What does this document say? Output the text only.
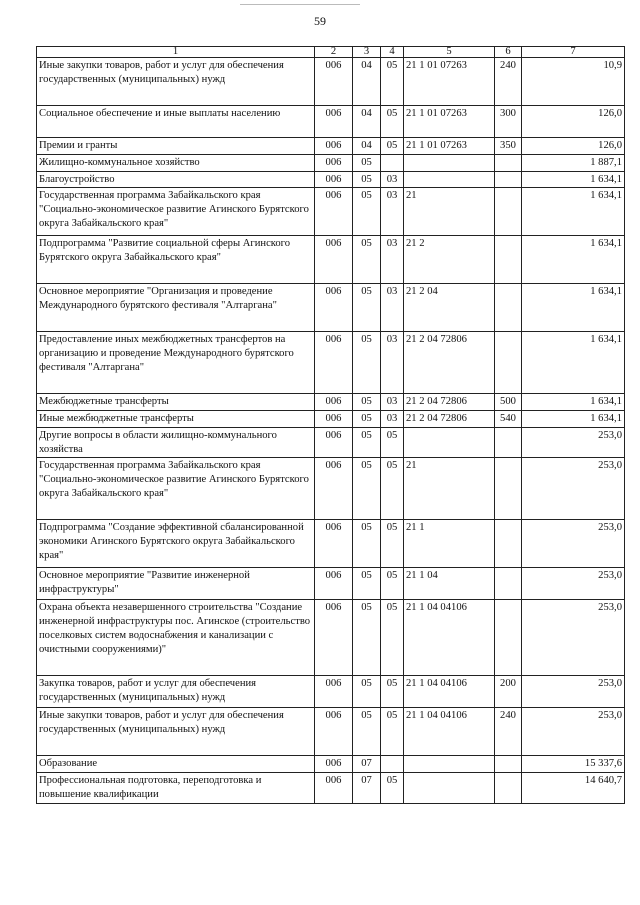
59
1	2	3	4	5	6	7
Иные закупки товаров, работ и услуг для обеспечения государственных (муниципальных) нужд	006	04	05	21 1 01 07263	240	10,9
Социальное обеспечение и иные выплаты населению	006	04	05	21 1 01 07263	300	126,0
Премии и гранты	006	04	05	21 1 01 07263	350	126,0
Жилищно-коммунальное хозяйство	006	05				1 887,1
Благоустройство	006	05	03			1 634,1
Государственная программа Забайкальского края "Социально-экономическое развитие Агинского Бурятского округа Забайкальского края"	006	05	03	21		1 634,1
Подпрограмма "Развитие социальной сферы Агинского Бурятского округа Забайкальского края"	006	05	03	21 2		1 634,1
Основное мероприятие "Организация и проведение Международного бурятского фестиваля "Алтаргана"	006	05	03	21 2 04		1 634,1
Предоставление иных межбюджетных трансфертов на организацию и проведение Международного бурятского фестиваля "Алтаргана"	006	05	03	21 2 04 72806		1 634,1
Межбюджетные трансферты	006	05	03	21 2 04 72806	500	1 634,1
Иные межбюджетные трансферты	006	05	03	21 2 04 72806	540	1 634,1
Другие вопросы в области жилищно-коммунального хозяйства	006	05	05			253,0
Государственная программа Забайкальского края "Социально-экономическое развитие Агинского Бурятского округа Забайкальского края"	006	05	05	21		253,0
Подпрограмма "Создание эффективной сбалансированной экономики Агинского Бурятского округа Забайкальского края"	006	05	05	21 1		253,0
Основное мероприятие "Развитие инженерной инфраструктуры"	006	05	05	21 1 04		253,0
Охрана объекта незавершенного строительства "Создание инженерной инфраструктуры пос. Агинское (строительство поселковых систем водоснабжения и канализации с очистными сооружениями)"	006	05	05	21 1 04 04106		253,0
Закупка товаров, работ и услуг для обеспечения государственных (муниципальных) нужд	006	05	05	21 1 04 04106	200	253,0
Иные закупки товаров, работ и услуг для обеспечения государственных (муниципальных) нужд	006	05	05	21 1 04 04106	240	253,0
Образование	006	07				15 337,6
Профессиональная подготовка, переподготовка и повышение квалификации	006	07	05			14 640,7
